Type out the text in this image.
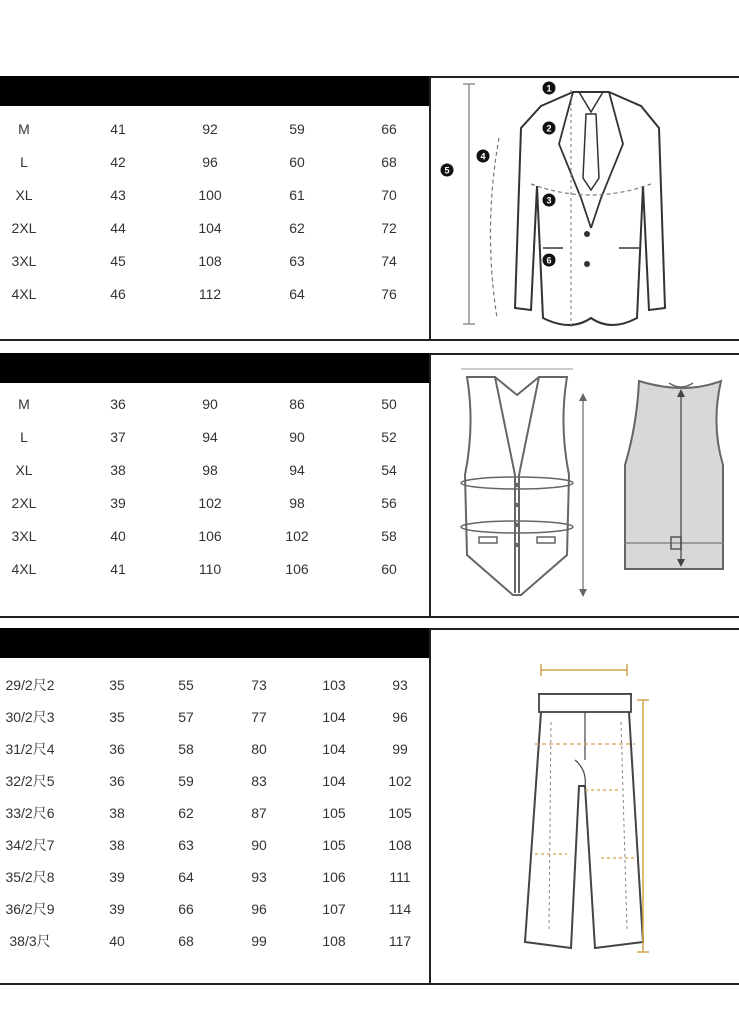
M	41	92	59	66
L	42	96	60	68
XL	43	100	61	70
2XL	44	104	62	72
3XL	45	108	63	74
4XL	46	112	64	76
1
2
3
4
5
6
M	36	90	86	50
L	37	94	90	52
XL	38	98	94	54
2XL	39	102	98	56
3XL	40	106	102	58
4XL	41	110	106	60
29/2尺2	35	55	73	103	93
30/2尺3	35	57	77	104	96
31/2尺4	36	58	80	104	99
32/2尺5	36	59	83	104	102
33/2尺6	38	62	87	105	105
34/2尺7	38	63	90	105	108
35/2尺8	39	64	93	106	111
36/2尺9	39	66	96	107	114
38/3尺	40	68	99	108	117
